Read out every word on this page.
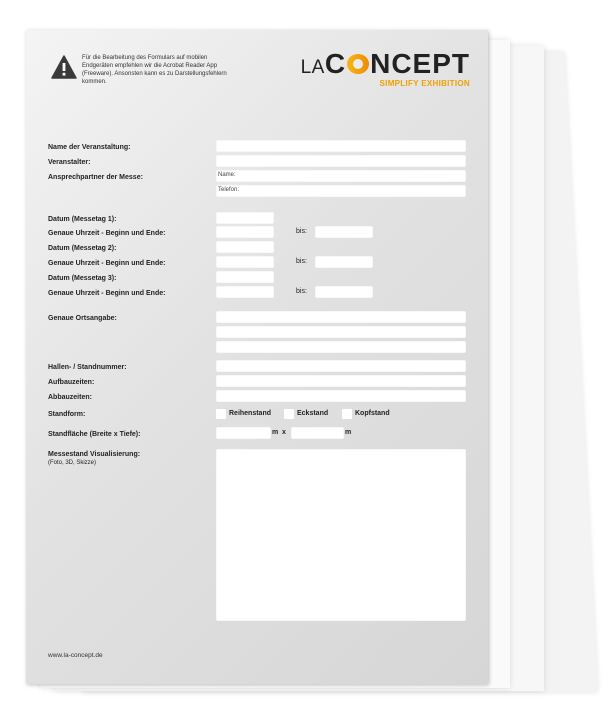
Für die Bearbeitung des Formulars auf mobilen Endgeräten empfehlen wir die Acrobat Reader App (Freeware). Ansonsten kann es zu Darstellungsfehlern kommen.
LAC NCEPT
SIMPLIFY EXHIBITION
Name der Veranstaltung:
Veranstalter:
Ansprechpartner der Messe:	Name:
Telefon:
Datum (Messetag 1):
Genaue Uhrzeit - Beginn und Ende:	bis:
Datum (Messetag 2):
Genaue Uhrzeit - Beginn und Ende:	bis:
Datum (Messetag 3):
Genaue Uhrzeit - Beginn und Ende:	bis:
Genaue Ortsangabe:
Hallen- / Standnummer:
Aufbauzeiten:
Abbauzeiten:
Standform:	Reihenstand	Eckstand	Kopfstand
Standfläche (Breite x Tiefe):	m x	m
Messestand Visualisierung:
(Foto, 3D, Skizze)
www.la-concept.de
